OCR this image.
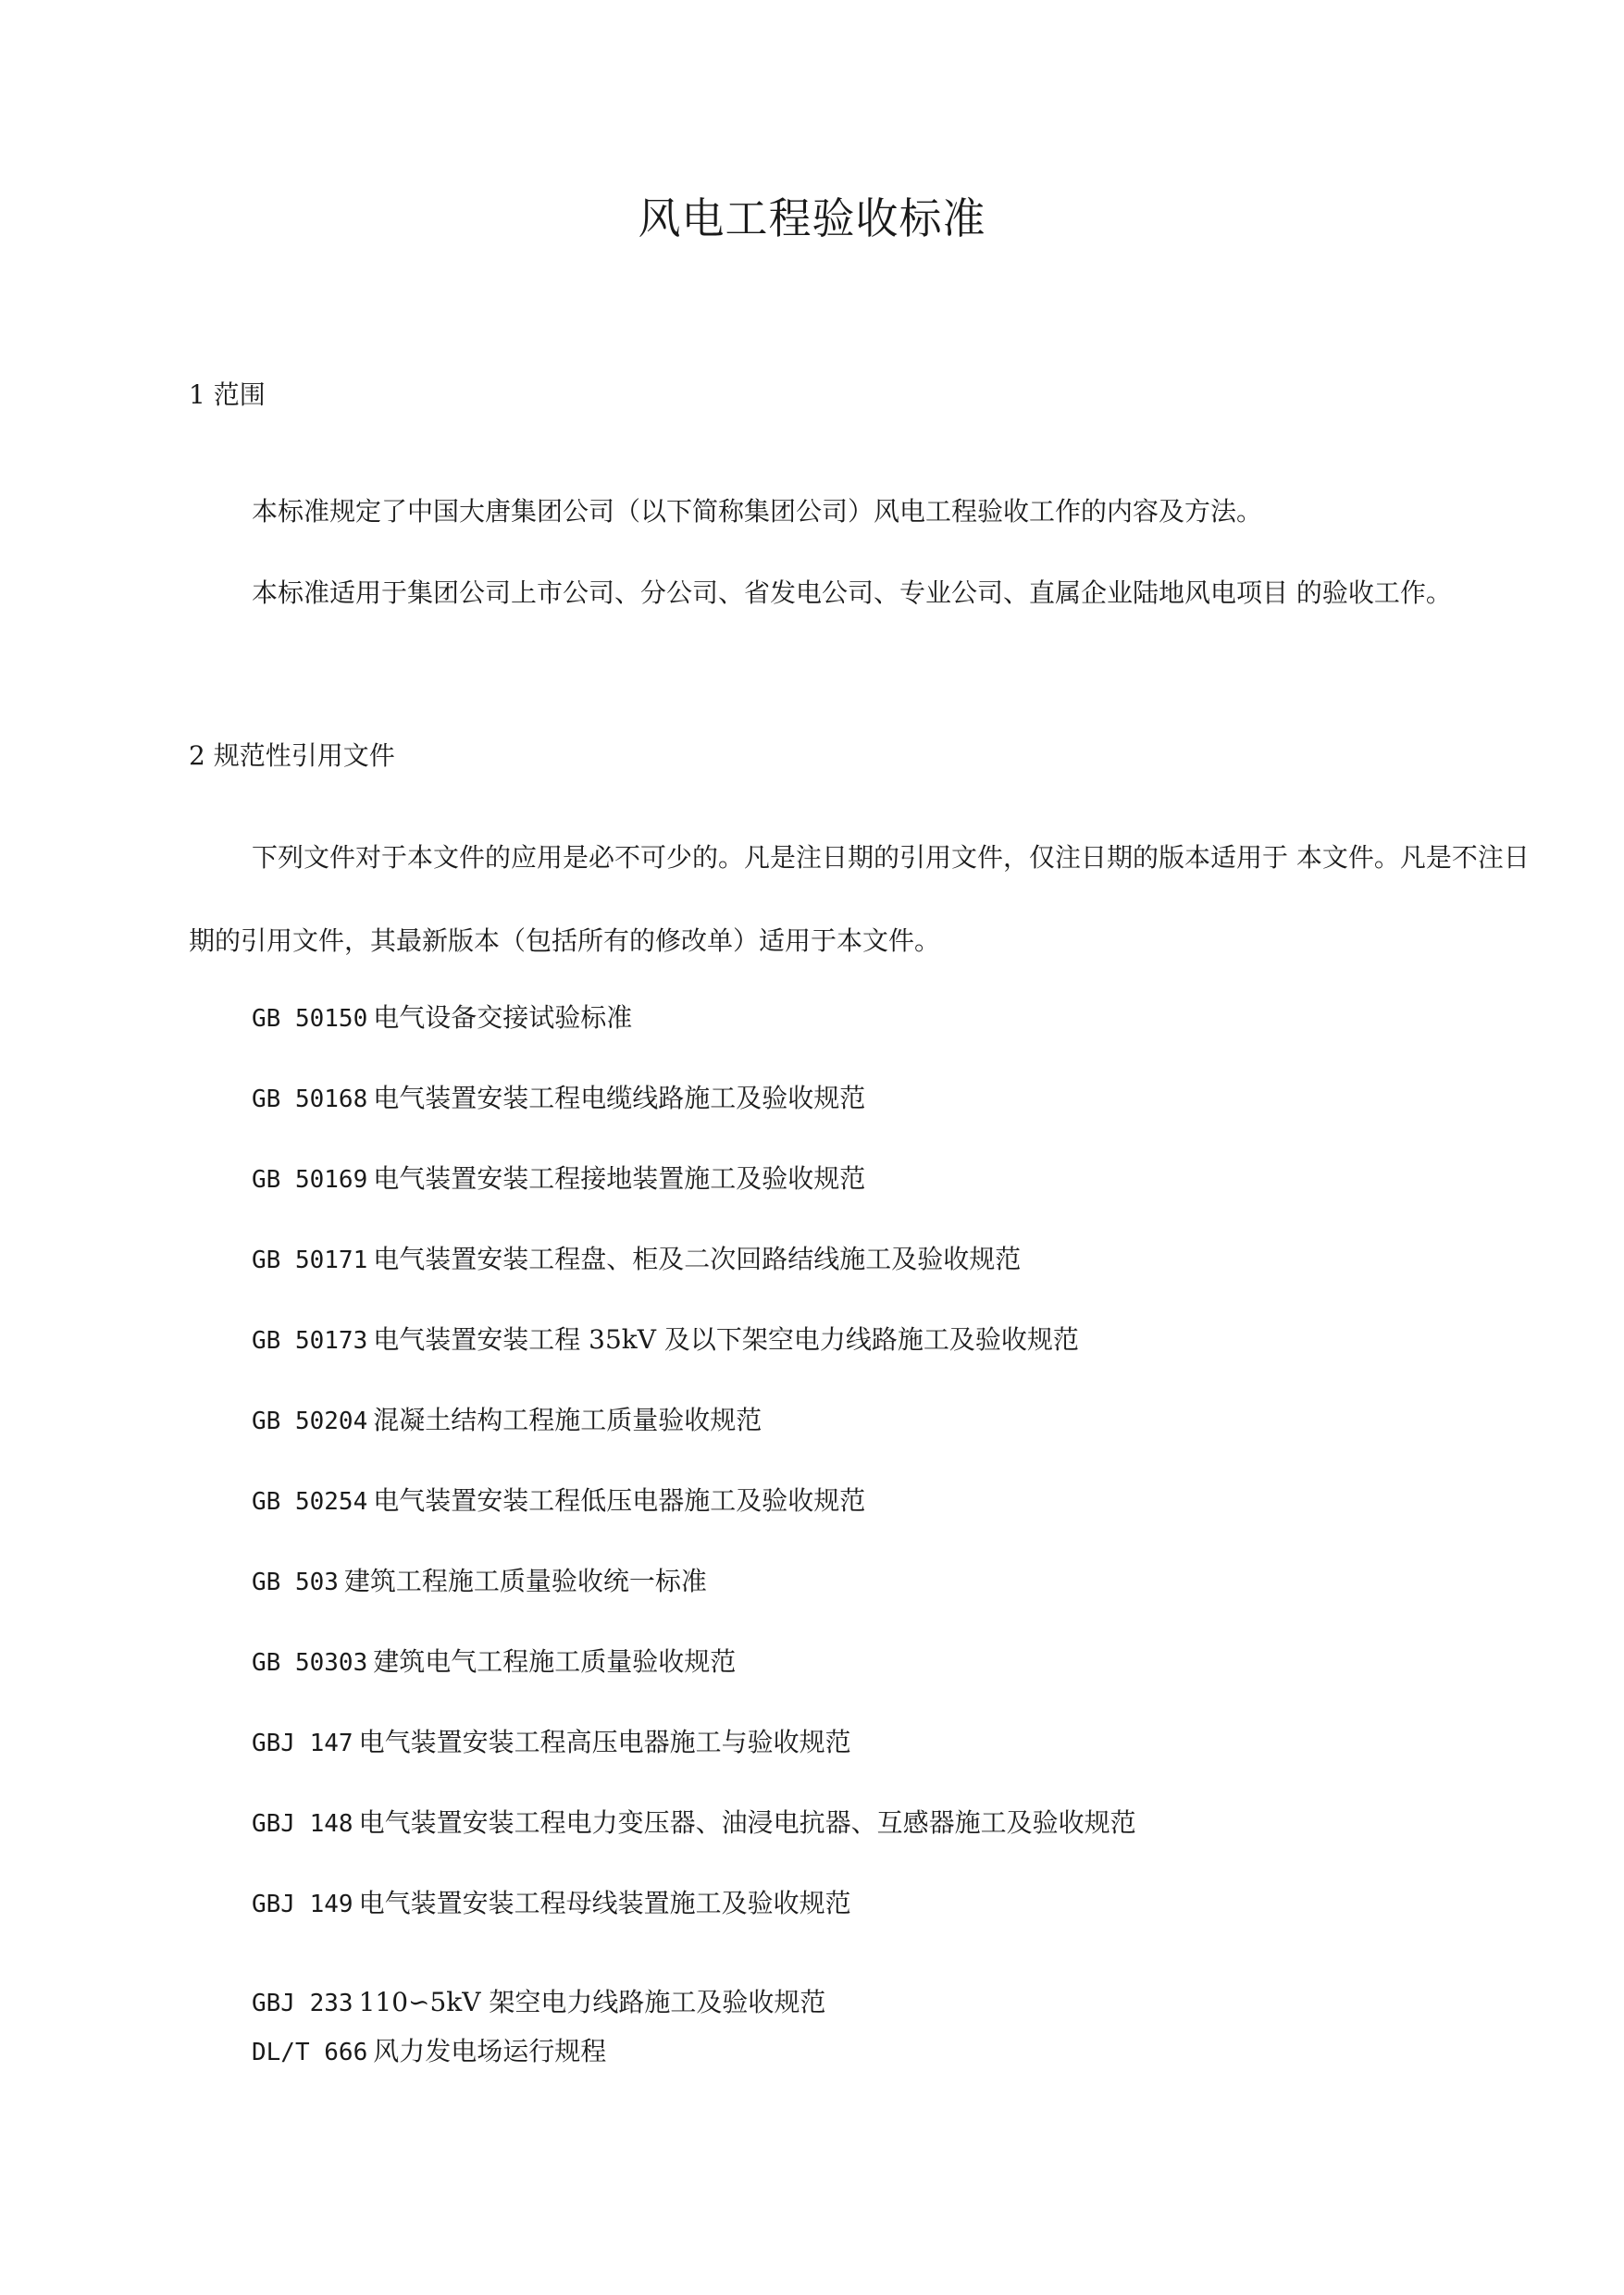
风电工程验收标准
1 范围

本标准规定了中国大唐集团公司（以下简称集团公司）风电工程验收工作的内容及方法。

本标准适用于集团公司上市公司、分公司、省发电公司、专业公司、直属企业陆地风电项目 的验收工作。

2 规范性引用文件

下列文件对于本文件的应用是必不可少的。凡是注日期的引用文件，仅注日期的版本适用于 本文件。凡是不注日期的引用文件，其最新版本（包括所有的修改单）适用于本文件。

GB 50150 电气设备交接试验标准
GB 50168 电气装置安装工程电缆线路施工及验收规范
GB 50169 电气装置安装工程接地装置施工及验收规范
GB 50171 电气装置安装工程盘、柜及二次回路结线施工及验收规范
GB 50173 电气装置安装工程 35kV 及以下架空电力线路施工及验收规范
GB 50204 混凝土结构工程施工质量验收规范
GB 50254 电气装置安装工程低压电器施工及验收规范
GB 503 建筑工程施工质量验收统一标准
GB 50303 建筑电气工程施工质量验收规范
GBJ 147 电气装置安装工程高压电器施工与验收规范
GBJ 148 电气装置安装工程电力变压器、油浸电抗器、互感器施工及验收规范
GBJ 149 电气装置安装工程母线装置施工及验收规范
GBJ 233 110∽5kV 架空电力线路施工及验收规范
DL/T 666 风力发电场运行规程
